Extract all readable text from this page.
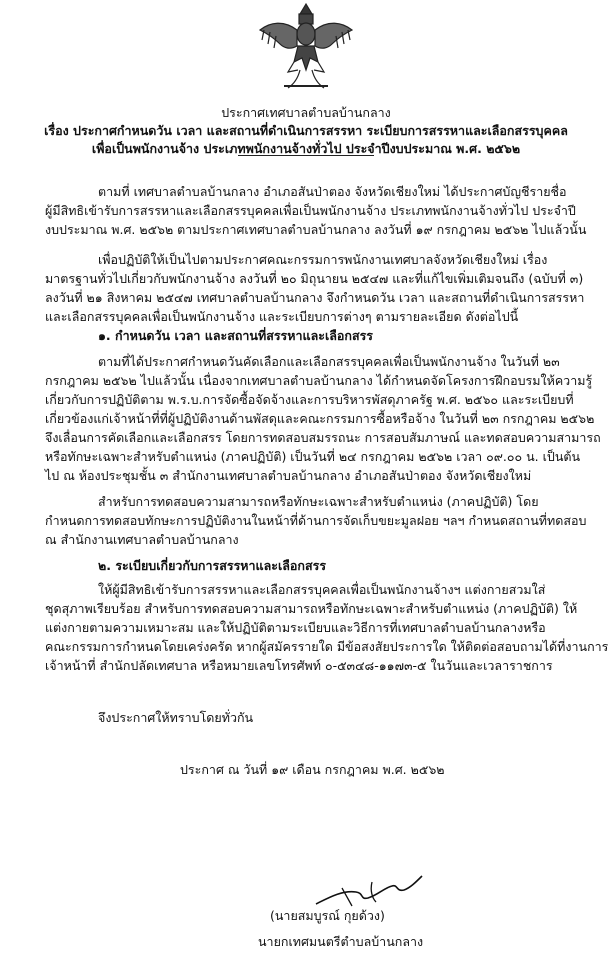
ประกาศเทศบาลตำบลบ้านกลาง
เรื่อง ประกาศกำหนดวัน เวลา และสถานที่ดำเนินการสรรหา ระเบียบการสรรหาและเลือกสรรบุคคล
เพื่อเป็นพนักงานจ้าง ประเภทพนักงานจ้างทั่วไป ประจำปีงบประมาณ พ.ศ. ๒๕๖๒
ตามที่ เทศบาลตำบลบ้านกลาง อำเภอสันป่าตอง จังหวัดเชียงใหม่ ได้ประกาศบัญชีรายชื่อ
ผู้มีสิทธิเข้ารับการสรรหาและเลือกสรรบุคคลเพื่อเป็นพนักงานจ้าง ประเภทพนักงานจ้างทั่วไป ประจำปี
งบประมาณ พ.ศ. ๒๕๖๒ ตามประกาศเทศบาลตำบลบ้านกลาง ลงวันที่ ๑๙ กรกฎาคม ๒๕๖๒ ไปแล้วนั้น
เพื่อปฏิบัติให้เป็นไปตามประกาศคณะกรรมการพนักงานเทศบาลจังหวัดเชียงใหม่ เรื่อง
มาตรฐานทั่วไปเกี่ยวกับพนักงานจ้าง ลงวันที่ ๒๐ มิถุนายน ๒๕๔๗ และที่แก้ไขเพิ่มเติมจนถึง (ฉบับที่ ๓)
ลงวันที่ ๒๑ สิงหาคม ๒๕๔๗ เทศบาลตำบลบ้านกลาง จึงกำหนดวัน เวลา และสถานที่ดำเนินการสรรหา
และเลือกสรรบุคคลเพื่อเป็นพนักงานจ้าง และระเบียบการต่างๆ ตามรายละเอียด ดังต่อไปนี้
๑. กำหนดวัน เวลา และสถานที่สรรหาและเลือกสรร
ตามที่ได้ประกาศกำหนดวันคัดเลือกและเลือกสรรบุคคลเพื่อเป็นพนักงานจ้าง ในวันที่ ๒๓
กรกฎาคม ๒๕๖๒ ไปแล้วนั้น เนื่องจากเทศบาลตำบลบ้านกลาง ได้กำหนดจัดโครงการฝึกอบรมให้ความรู้
เกี่ยวกับการปฏิบัติตาม พ.ร.บ.การจัดซื้อจัดจ้างและการบริหารพัสดุภาครัฐ พ.ศ. ๒๕๖๐ และระเบียบที่
เกี่ยวข้องแก่เจ้าหน้าที่ที่ผู้ปฏิบัติงานด้านพัสดุและคณะกรรมการซื้อหรือจ้าง ในวันที่ ๒๓ กรกฎาคม ๒๕๖๒
จึงเลื่อนการคัดเลือกและเลือกสรร โดยการทดสอบสมรรถนะ การสอบสัมภาษณ์ และทดสอบความสามารถ
หรือทักษะเฉพาะสำหรับตำแหน่ง (ภาคปฏิบัติ) เป็นวันที่ ๒๔ กรกฎาคม ๒๕๖๒ เวลา ๐๙.๐๐ น. เป็นต้น
ไป ณ ห้องประชุมชั้น ๓ สำนักงานเทศบาลตำบลบ้านกลาง อำเภอสันป่าตอง จังหวัดเชียงใหม่
สำหรับการทดสอบความสามารถหรือทักษะเฉพาะสำหรับตำแหน่ง (ภาคปฏิบัติ) โดย
กำหนดการทดสอบทักษะการปฏิบัติงานในหน้าที่ด้านการจัดเก็บขยะมูลฝอย ฯลฯ กำหนดสถานที่ทดสอบ
ณ สำนักงานเทศบาลตำบลบ้านกลาง
๒. ระเบียบเกี่ยวกับการสรรหาและเลือกสรร
ให้ผู้มีสิทธิเข้ารับการสรรหาและเลือกสรรบุคคลเพื่อเป็นพนักงานจ้างฯ แต่งกายสวมใส่
ชุดสุภาพเรียบร้อย สำหรับการทดสอบความสามารถหรือทักษะเฉพาะสำหรับตำแหน่ง (ภาคปฏิบัติ) ให้
แต่งกายตามความเหมาะสม และให้ปฏิบัติตามระเบียบและวิธีการที่เทศบาลตำบลบ้านกลางหรือ
คณะกรรมการกำหนดโดยเคร่งครัด หากผู้สมัครรายใด มีข้อสงสัยประการใด ให้ติดต่อสอบถามได้ที่งานการ
เจ้าหน้าที่ สำนักปลัดเทศบาล หรือหมายเลขโทรศัพท์ ๐-๕๓๔๘-๑๑๗๓-๕ ในวันและเวลาราชการ
จึงประกาศให้ทราบโดยทั่วกัน
ประกาศ ณ วันที่ ๑๙ เดือน กรกฎาคม พ.ศ. ๒๕๖๒
(นายสมบูรณ์ กุยด้วง)
นายกเทศมนตรีตำบลบ้านกลาง
